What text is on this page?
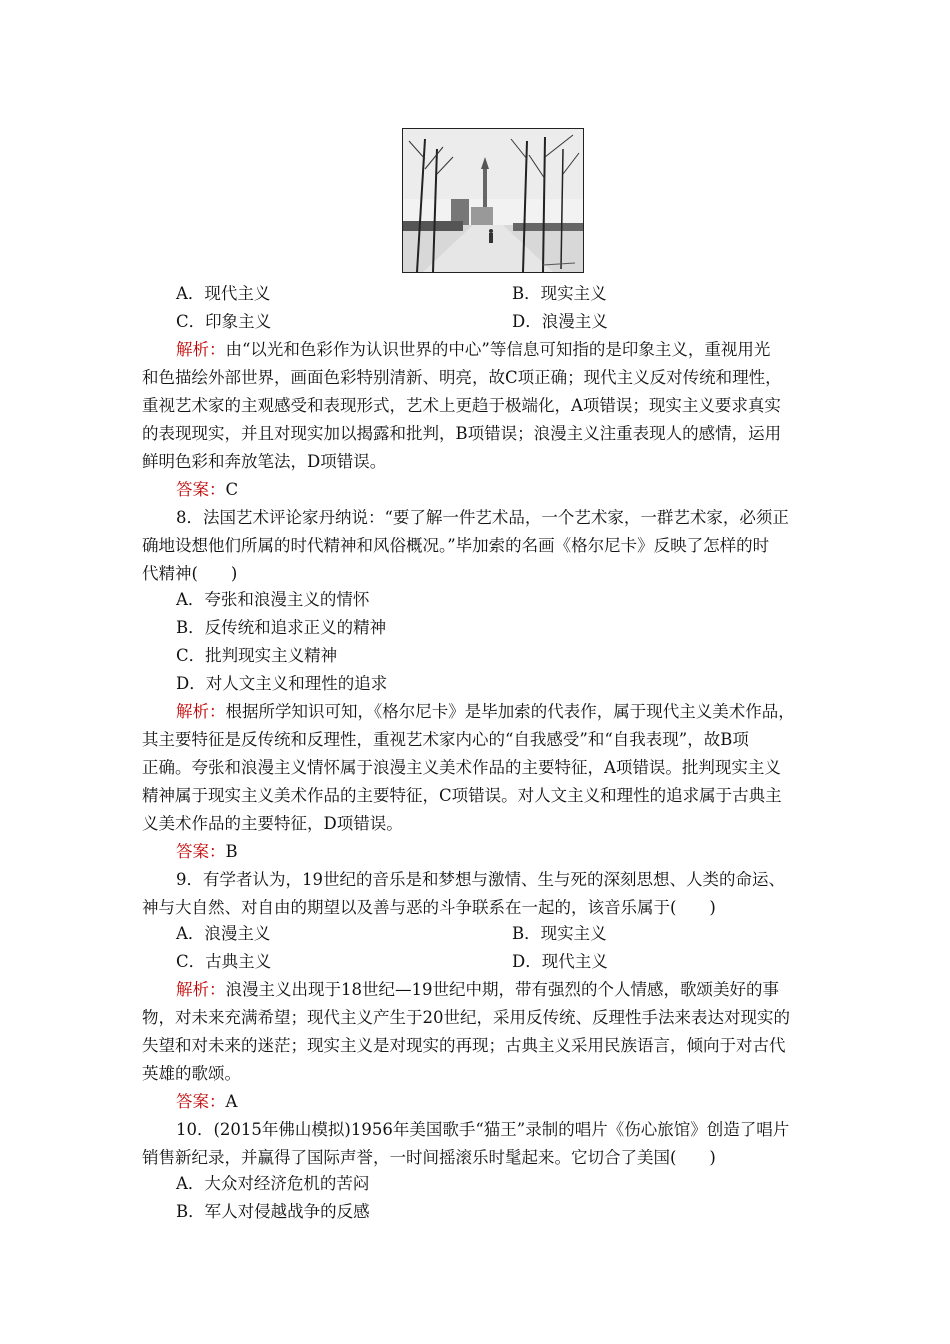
A．现代主义	B．现实主义
C．印象主义	D．浪漫主义
解析：由“以光和色彩作为认识世界的中心”等信息可知指的是印象主义，重视用光
和色描绘外部世界，画面色彩特别清新、明亮，故C项正确；现代主义反对传统和理性，
重视艺术家的主观感受和表现形式，艺术上更趋于极端化，A项错误；现实主义要求真实
的表现现实，并且对现实加以揭露和批判，B项错误；浪漫主义注重表现人的感情，运用
鲜明色彩和奔放笔法，D项错误。
答案：C
8．法国艺术评论家丹纳说：“要了解一件艺术品，一个艺术家，一群艺术家，必须正
确地设想他们所属的时代精神和风俗概况。”毕加索的名画《格尔尼卡》反映了怎样的时
代精神(　　)
A．夸张和浪漫主义的情怀
B．反传统和追求正义的精神
C．批判现实主义精神
D．对人文主义和理性的追求
解析：根据所学知识可知，《格尔尼卡》是毕加索的代表作，属于现代主义美术作品，
其主要特征是反传统和反理性，重视艺术家内心的“自我感受”和“自我表现”，故B项
正确。夸张和浪漫主义情怀属于浪漫主义美术作品的主要特征，A项错误。批判现实主义
精神属于现实主义美术作品的主要特征，C项错误。对人文主义和理性的追求属于古典主
义美术作品的主要特征，D项错误。
答案：B
9．有学者认为，19世纪的音乐是和梦想与激情、生与死的深刻思想、人类的命运、
神与大自然、对自由的期望以及善与恶的斗争联系在一起的，该音乐属于(　　)
A．浪漫主义	B．现实主义
C．古典主义	D．现代主义
解析：浪漫主义出现于18世纪—19世纪中期，带有强烈的个人情感，歌颂美好的事
物，对未来充满希望；现代主义产生于20世纪，采用反传统、反理性手法来表达对现实的
失望和对未来的迷茫；现实主义是对现实的再现；古典主义采用民族语言，倾向于对古代
英雄的歌颂。
答案：A
10．(2015年佛山模拟)1956年美国歌手“猫王”录制的唱片《伤心旅馆》创造了唱片
销售新纪录，并赢得了国际声誉，一时间摇滚乐时髦起来。它切合了美国(　　)
A．大众对经济危机的苦闷
B．军人对侵越战争的反感
